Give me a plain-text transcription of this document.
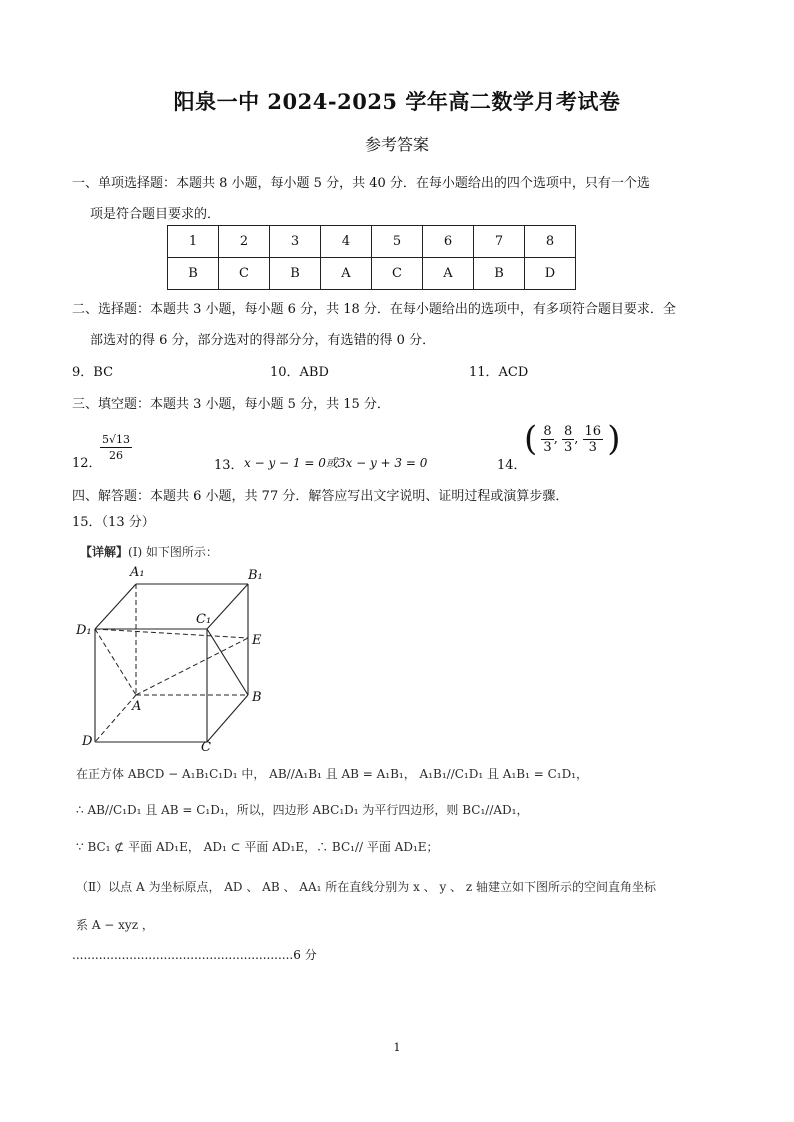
阳泉一中 2024-2025 学年高二数学月考试卷
参考答案
一、单项选择题：本题共 8 小题，每小题 5 分，共 40 分．在每小题给出的四个选项中，只有一个选
项是符合题目要求的．
1	2	3	4	5	6	7	8
B	C	B	A	C	A	B	D
二、选择题：本题共 3 小题，每小题 6 分，共 18 分．在每小题给出的选项中，有多项符合题目要求．全
部选对的得 6 分，部分选对的得部分分，有选错的得 0 分．
9．BC	10．ABD	11．ACD
三、填空题：本题共 3 小题，每小题 5 分，共 15 分．
12．
$\frac{5√13}{26}$
13． x − y − 1 = 0或3x − y + 3 = 0	14．
( $\frac{8}{3}$ , $\frac{8}{3}$ , $\frac{16}{3}$ )
四、解答题：本题共 6 小题，共 77 分．解答应写出文字说明、证明过程或演算步骤．
15．（13 分）
【详解】(Ⅰ) 如下图所示：
A₁	B₁
C₁
D₁
E
A
B
C
D
在正方体 ABCD − A₁B₁C₁D₁ 中， AB//A₁B₁ 且 AB = A₁B₁， A₁B₁//C₁D₁ 且 A₁B₁ = C₁D₁，
∴ AB//C₁D₁ 且 AB = C₁D₁，所以，四边形 ABC₁D₁ 为平行四边形，则 BC₁//AD₁，
∵ BC₁ ⊄ 平面 AD₁E， AD₁ ⊂ 平面 AD₁E，∴ BC₁// 平面 AD₁E；
（Ⅱ）以点 A 为坐标原点， AD 、 AB 、 AA₁ 所在直线分别为 x 、 y 、 z 轴建立如下图所示的空间直角坐标
系 A − xyz ，
..........................................................6 分
1
